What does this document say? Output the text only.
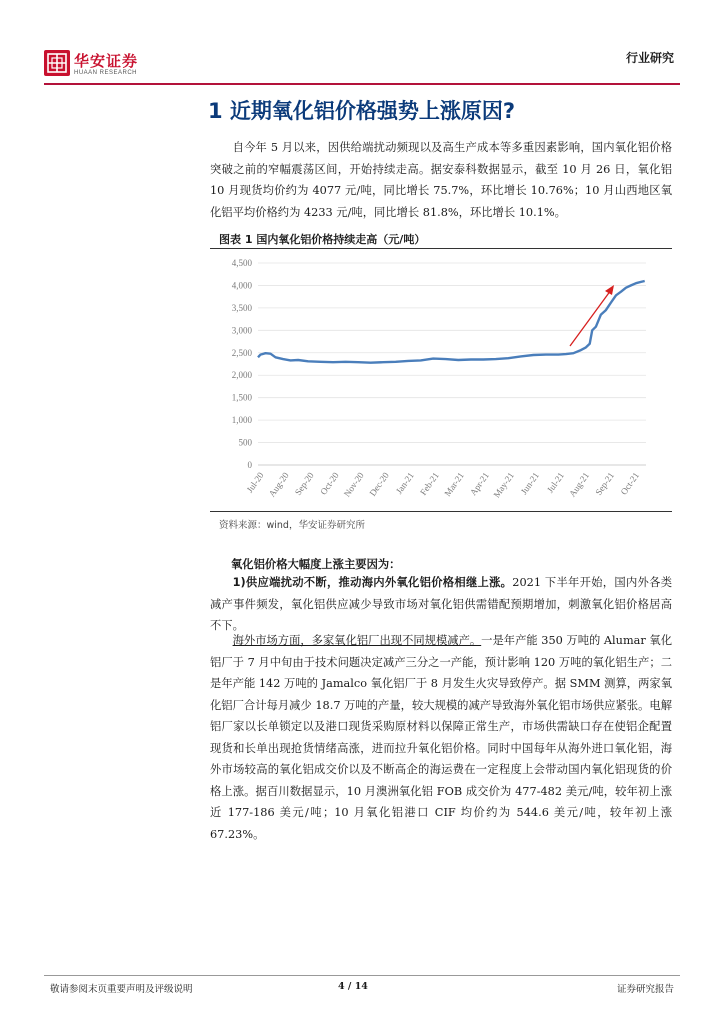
华安证券
HUAAN RESEARCH
行业研究
1 近期氧化铝价格强势上涨原因?

自今年 5 月以来，因供给端扰动频现以及高生产成本等多重因素影响，国内氧化铝价格突破之前的窄幅震荡区间，开始持续走高。据安泰科数据显示，截至 10 月 26 日，氧化铝 10 月现货均价约为 4077 元/吨，同比增长 75.7%，环比增长 10.76%；10 月山西地区氧化铝平均价格约为 4233 元/吨，同比增长 81.8%，环比增长 10.1%。

图表 1 国内氧化铝价格持续走高（元/吨）
0
500
1,000
1,500
2,000
2,500
3,000
3,500
4,000
4,500
Jul-20 Aug-20 Sep-20 Oct-20 Nov-20 Dec-20 Jan-21 Feb-21 Mar-21 Apr-21 May-21 Jun-21 Jul-21 Aug-21 Sep-21 Oct-21
资料来源：wind，华安证券研究所
氧化铝价格大幅度上涨主要因为：

1)供应端扰动不断，推动海内外氧化铝价格相继上涨。2021 下半年开始，国内外各类减产事件频发，氧化铝供应减少导致市场对氧化铝供需错配预期增加，刺激氧化铝价格居高不下。

海外市场方面，多家氧化铝厂出现不同规模减产。一是年产能 350 万吨的 Alumar 氧化铝厂于 7 月中旬由于技术问题决定减产三分之一产能，预计影响 120 万吨的氧化铝生产；二是年产能 142 万吨的 Jamalco 氧化铝厂于 8 月发生火灾导致停产。据 SMM 测算，两家氧化铝厂合计每月减少 18.7 万吨的产量，较大规模的减产导致海外氧化铝市场供应紧张。电解铝厂家以长单锁定以及港口现货采购原材料以保障正常生产，市场供需缺口存在使铝企配置现货和长单出现抢货情绪高涨，进而拉升氧化铝价格。同时中国每年从海外进口氧化铝，海外市场较高的氧化铝成交价以及不断高企的海运费在一定程度上会带动国内氧化铝现货的价格上涨。据百川数据显示，10 月澳洲氧化铝 FOB 成交价为 477-482 美元/吨，较年初上涨近 177-186 美元/吨；10 月氧化铝港口 CIF 均价约为 544.6 美元/吨，较年初上涨 67.23%。

敬请参阅末页重要声明及评级说明	4 / 14	证券研究报告
